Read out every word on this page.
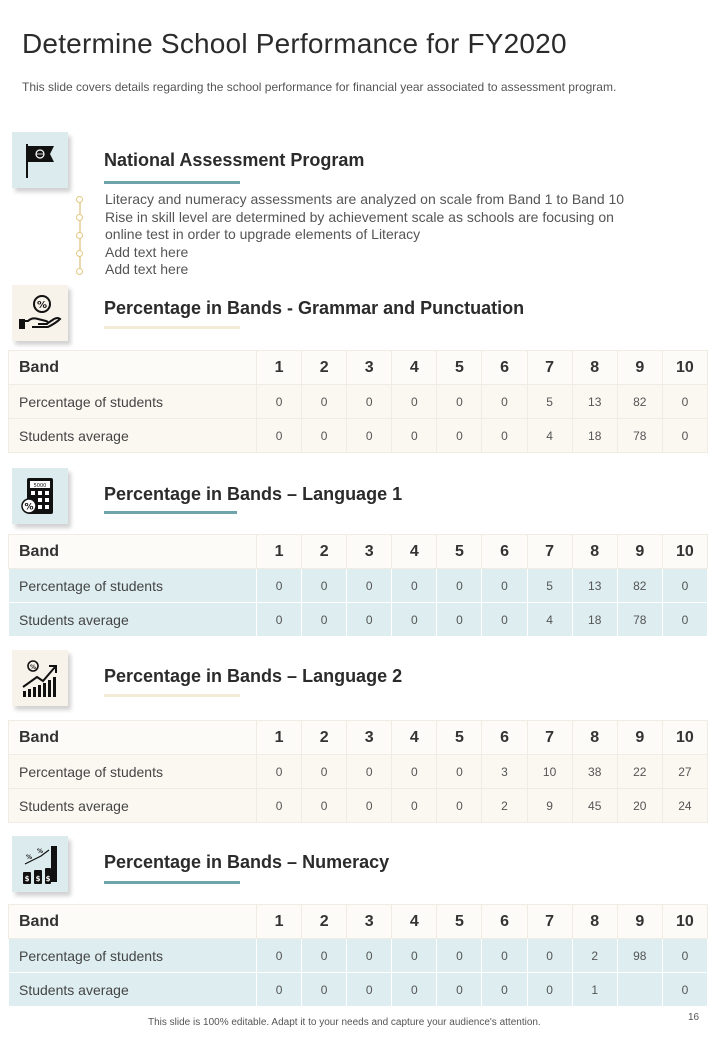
Determine School Performance for FY2020
This slide covers details regarding the school performance for financial year associated to assessment program.
National Assessment Program
Literacy and numeracy assessments are analyzed on scale from Band 1 to Band 10
Rise in skill level are determined by achievement scale as schools are focusing on
online test in order to upgrade elements of Literacy
Add text here
Add text here
%	Percentage in Bands - Grammar and Punctuation
Band	1	2	3	4	5	6	7	8	9	10
Percentage of students	0	0	0	0	0	0	5	13	82	0
Students average	0	0	0	0	0	0	4	18	78	0
5000
%
Percentage in Bands – Language 1
Band	1	2	3	4	5	6	7	8	9	10
Percentage of students	0	0	0	0	0	0	5	13	82	0
Students average	0	0	0	0	0	0	4	18	78	0
%	Percentage in Bands – Language 2
Band	1	2	3	4	5	6	7	8	9	10
Percentage of students	0	0	0	0	0	3	10	38	22	27
Students average	0	0	0	0	0	2	9	45	20	24
%
%
$ $ $
Percentage in Bands – Numeracy
Band	1	2	3	4	5	6	7	8	9	10
Percentage of students	0	0	0	0	0	0	0	2	98	0
Students average	0	0	0	0	0	0	0	1		0
This slide is 100% editable. Adapt it to your needs and capture your audience's attention.	16
